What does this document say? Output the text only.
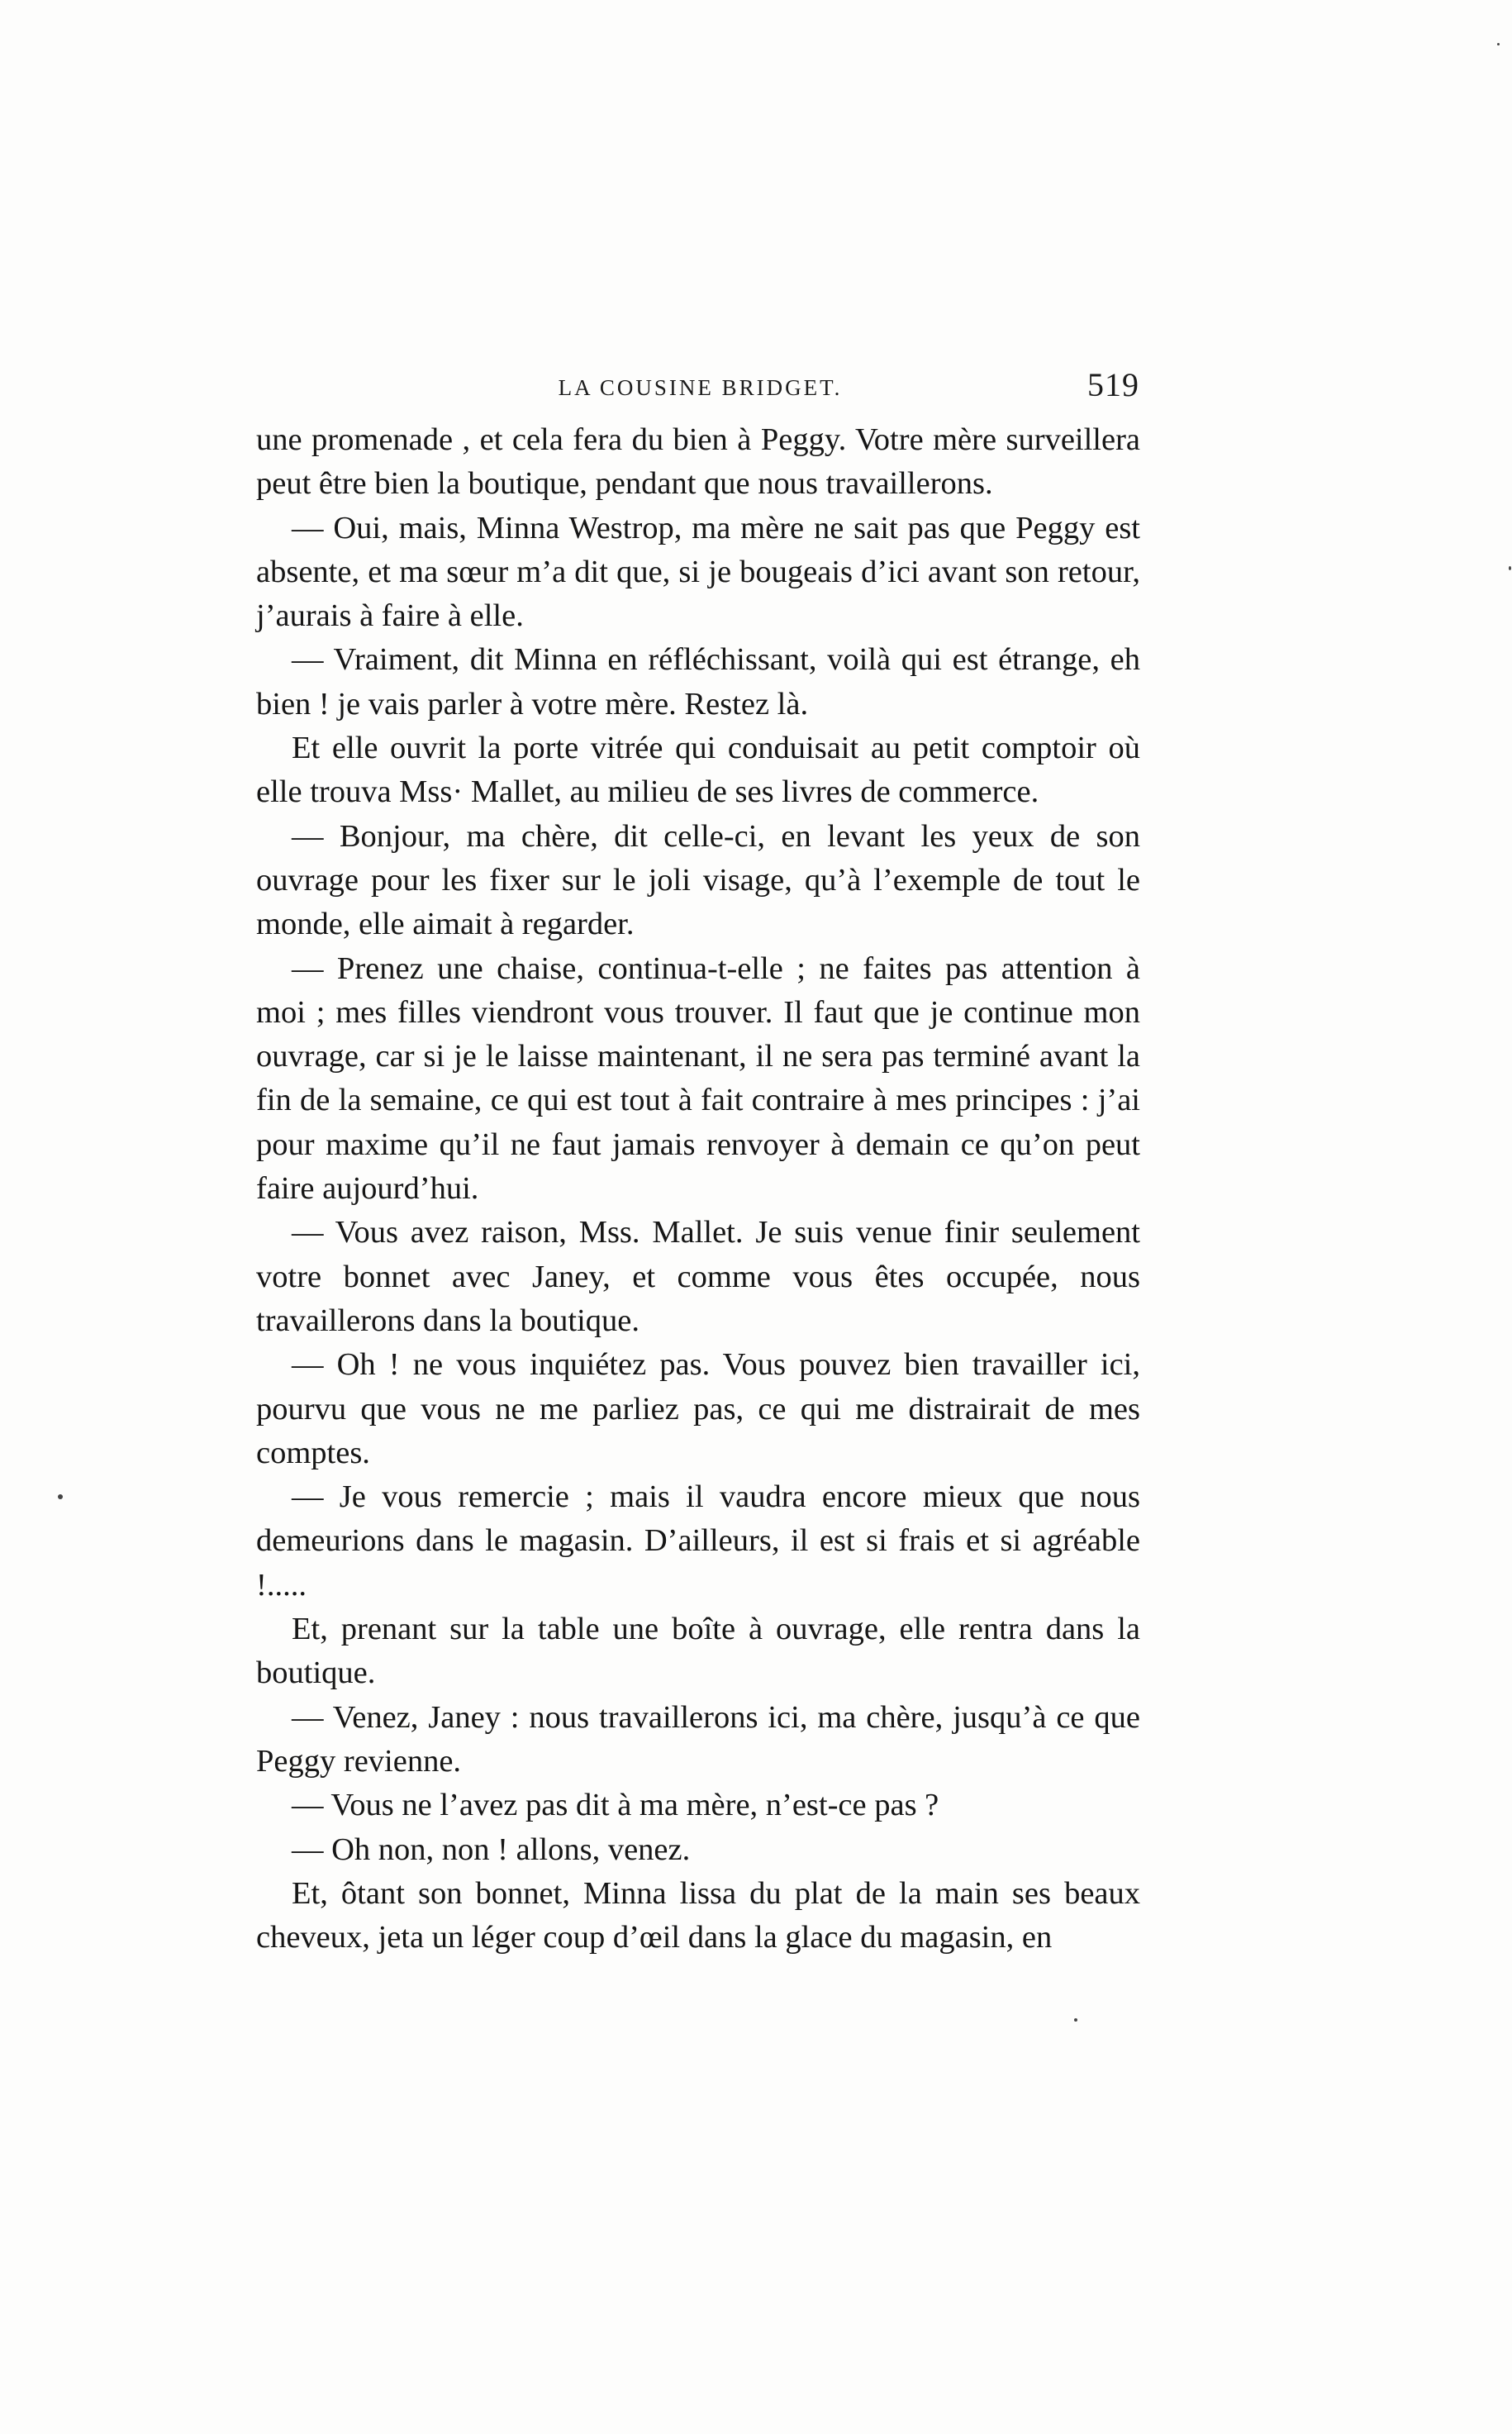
LA COUSINE BRIDGET.	519

une promenade , et cela fera du bien à Peggy. Votre mère surveillera peut être bien la boutique, pendant que nous travaillerons.

— Oui, mais, Minna Westrop, ma mère ne sait pas que Peggy est absente, et ma sœur m’a dit que, si je bougeais d’ici avant son retour, j’aurais à faire à elle.

— Vraiment, dit Minna en réfléchissant, voilà qui est étrange, eh bien ! je vais parler à votre mère. Restez là.

Et elle ouvrit la porte vitrée qui conduisait au petit comptoir où elle trouva Mss· Mallet, au milieu de ses livres de commerce.

— Bonjour, ma chère, dit celle-ci, en levant les yeux de son ouvrage pour les fixer sur le joli visage, qu’à l’exemple de tout le monde, elle aimait à regarder.

— Prenez une chaise, continua-t-elle ; ne faites pas attention à moi ; mes filles viendront vous trouver. Il faut que je continue mon ouvrage, car si je le laisse maintenant, il ne sera pas terminé avant la fin de la semaine, ce qui est tout à fait contraire à mes principes : j’ai pour maxime qu’il ne faut jamais renvoyer à demain ce qu’on peut faire aujourd’hui.

— Vous avez raison, Mss. Mallet. Je suis venue finir seulement votre bonnet avec Janey, et comme vous êtes occupée, nous travaillerons dans la boutique.

— Oh ! ne vous inquiétez pas. Vous pouvez bien travailler ici, pourvu que vous ne me parliez pas, ce qui me distrairait de mes comptes.

— Je vous remercie ; mais il vaudra encore mieux que nous demeurions dans le magasin. D’ailleurs, il est si frais et si agréable !.....

Et, prenant sur la table une boîte à ouvrage, elle rentra dans la boutique.

— Venez, Janey : nous travaillerons ici, ma chère, jusqu’à ce que Peggy revienne.

— Vous ne l’avez pas dit à ma mère, n’est-ce pas ?

— Oh non, non ! allons, venez.

Et, ôtant son bonnet, Minna lissa du plat de la main ses beaux cheveux, jeta un léger coup d’œil dans la glace du magasin, en
